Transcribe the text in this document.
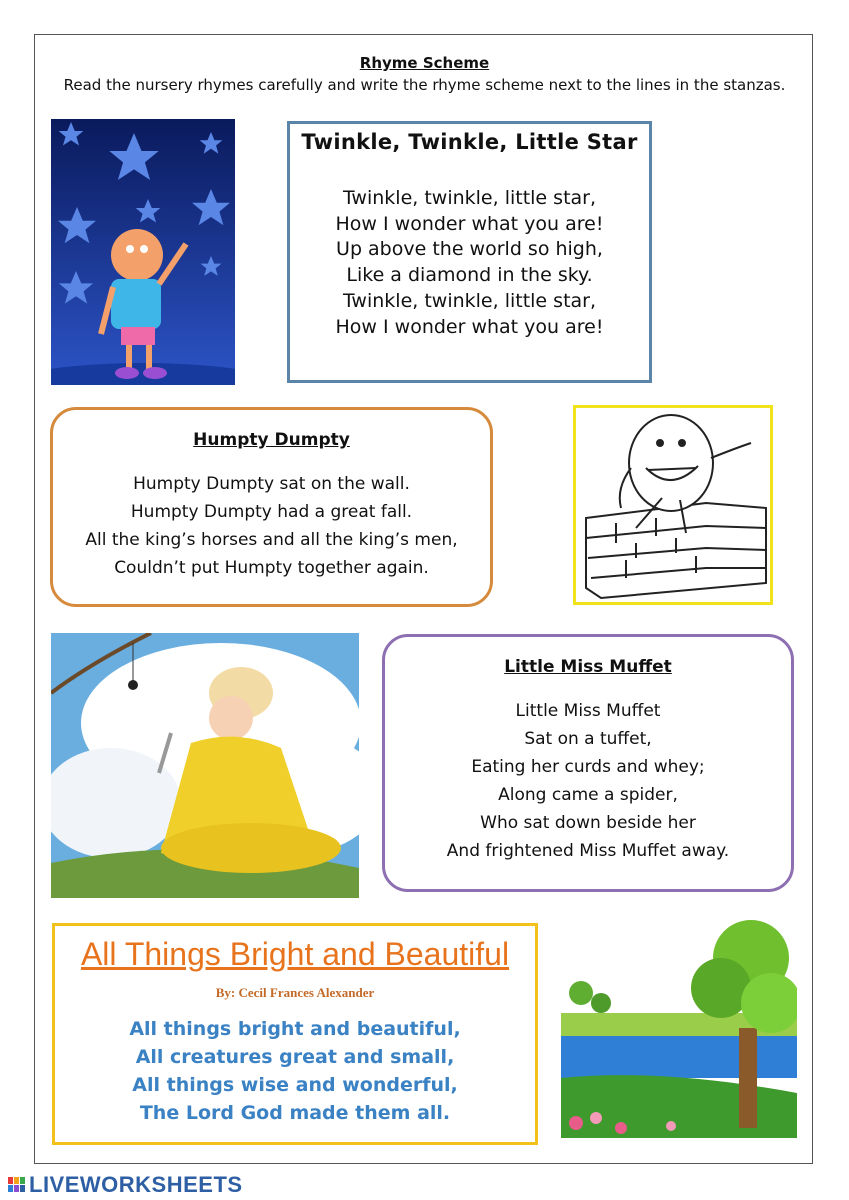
Rhyme Scheme
Read the nursery rhymes carefully and write the rhyme scheme next to the lines in the stanzas.
Twinkle, Twinkle, Little Star
Twinkle, twinkle, little star,
How I wonder what you are!
Up above the world so high,
Like a diamond in the sky.
Twinkle, twinkle, little star,
How I wonder what you are!
Humpty Dumpty
Humpty Dumpty sat on the wall.
Humpty Dumpty had a great fall.
All the king’s horses and all the king’s men,
Couldn’t put Humpty together again.
Little Miss Muffet
Little Miss Muffet
Sat on a tuffet,
Eating her curds and whey;
Along came a spider,
Who sat down beside her
And frightened Miss Muffet away.
All Things Bright and Beautiful
By: Cecil Frances Alexander
All things bright and beautiful,
All creatures great and small,
All things wise and wonderful,
The Lord God made them all.
LIVEWORKSHEETS
